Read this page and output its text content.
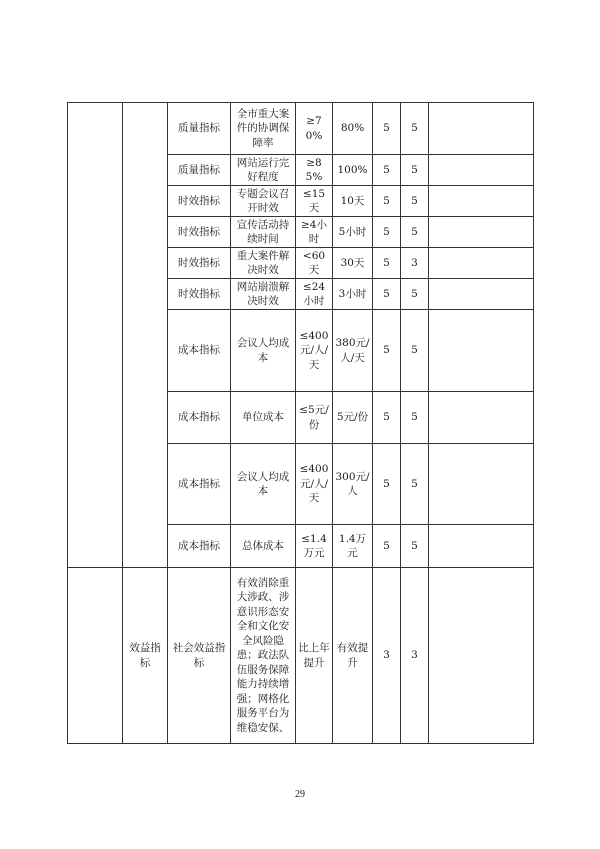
		质量指标	全市重大案件的协调保障率	≥70%	80%	5	5	
		质量指标	网站运行完好程度	≥85%	100%	5	5	
		时效指标	专题会议召开时效	≤15天	10天	5	5	
		时效指标	宣传活动持续时间	≥4小时	5小时	5	5	
		时效指标	重大案件解决时效	<60天	30天	5	3	
		时效指标	网站崩溃解决时效	≤24小时	3小时	5	5	
		成本指标	会议人均成本	≤400元/人/天	380元/人/天	5	5	
		成本指标	单位成本	≤5元/份	5元/份	5	5	
		成本指标	会议人均成本	≤400元/人/天	300元/人	5	5	
		成本指标	总体成本	≤1.4万元	1.4万元	5	5	
	效益指标	社会效益指标	有效消除重大涉政、涉意识形态安全和文化安全风险隐患；政法队伍服务保障能力持续增强；网格化服务平台为维稳安保、	比上年提升	有效提升	3	3	
29
